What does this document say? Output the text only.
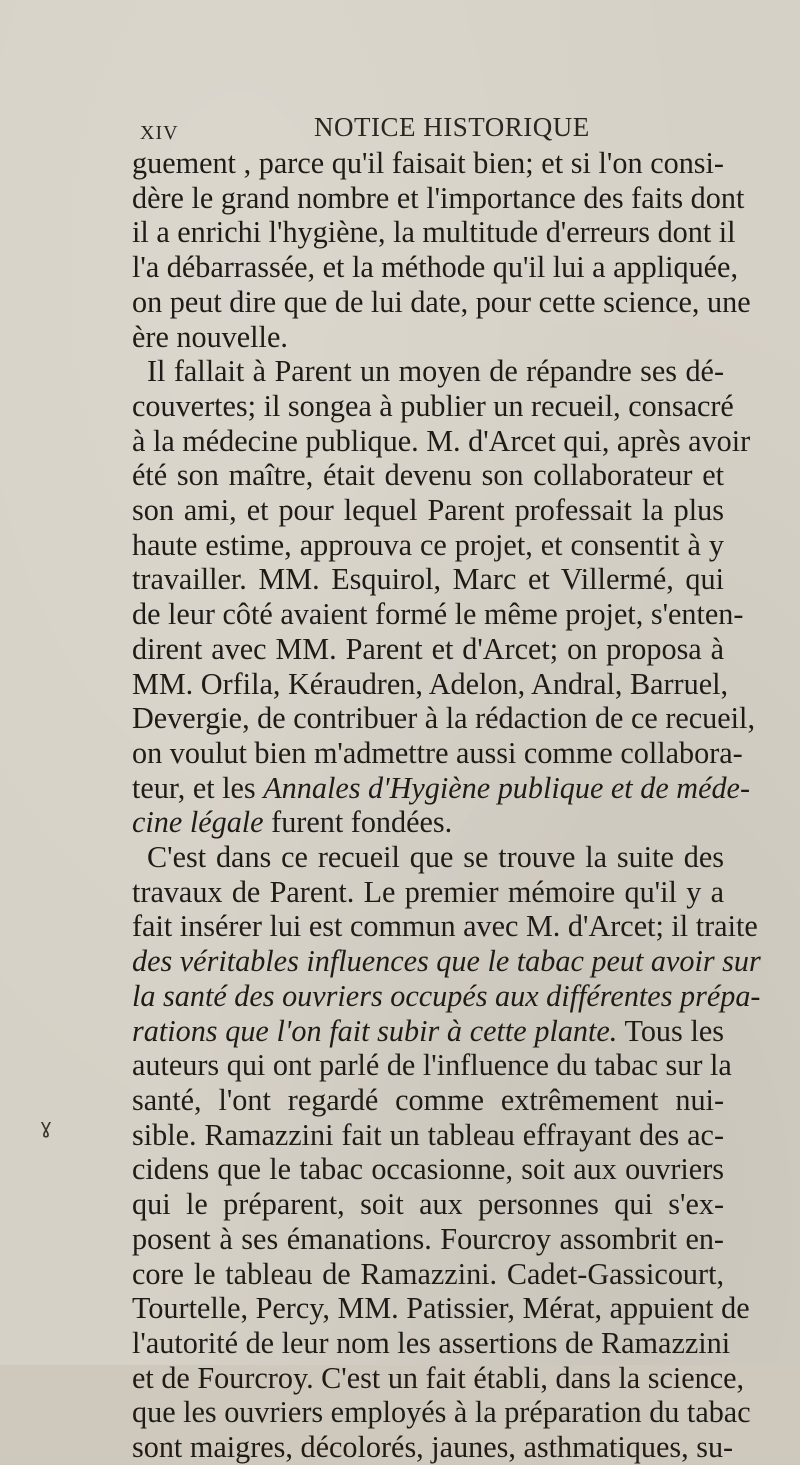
XIV	NOTICE HISTORIQUE
ɣ
guement , parce qu'il faisait bien; et si l'on consi-
dère le grand nombre et l'importance des faits dont
il a enrichi l'hygiène, la multitude d'erreurs dont il
l'a débarrassée, et la méthode qu'il lui a appliquée,
on peut dire que de lui date, pour cette science, une
ère nouvelle.
Il fallait à Parent un moyen de répandre ses dé-
couvertes; il songea à publier un recueil, consacré
à la médecine publique. M. d'Arcet qui, après avoir
été son maître, était devenu son collaborateur et
son ami, et pour lequel Parent professait la plus
haute estime, approuva ce projet, et consentit à y
travailler. MM. Esquirol, Marc et Villermé, qui
de leur côté avaient formé le même projet, s'enten-
dirent avec MM. Parent et d'Arcet; on proposa à
MM. Orfila, Kéraudren, Adelon, Andral, Barruel,
Devergie, de contribuer à la rédaction de ce recueil,
on voulut bien m'admettre aussi comme collabora-
teur, et les Annales d'Hygiène publique et de méde-
cine légale furent fondées.
C'est dans ce recueil que se trouve la suite des
travaux de Parent. Le premier mémoire qu'il y a
fait insérer lui est commun avec M. d'Arcet; il traite
des véritables influences que le tabac peut avoir sur
la santé des ouvriers occupés aux différentes prépa-
rations que l'on fait subir à cette plante. Tous les
auteurs qui ont parlé de l'influence du tabac sur la
santé, l'ont regardé comme extrêmement nui-
sible. Ramazzini fait un tableau effrayant des ac-
cidens que le tabac occasionne, soit aux ouvriers
qui le préparent, soit aux personnes qui s'ex-
posent à ses émanations. Fourcroy assombrit en-
core le tableau de Ramazzini. Cadet-Gassicourt,
Tourtelle, Percy, MM. Patissier, Mérat, appuient de
l'autorité de leur nom les assertions de Ramazzini
et de Fourcroy. C'est un fait établi, dans la science,
que les ouvriers employés à la préparation du tabac
sont maigres, décolorés, jaunes, asthmatiques, su-
